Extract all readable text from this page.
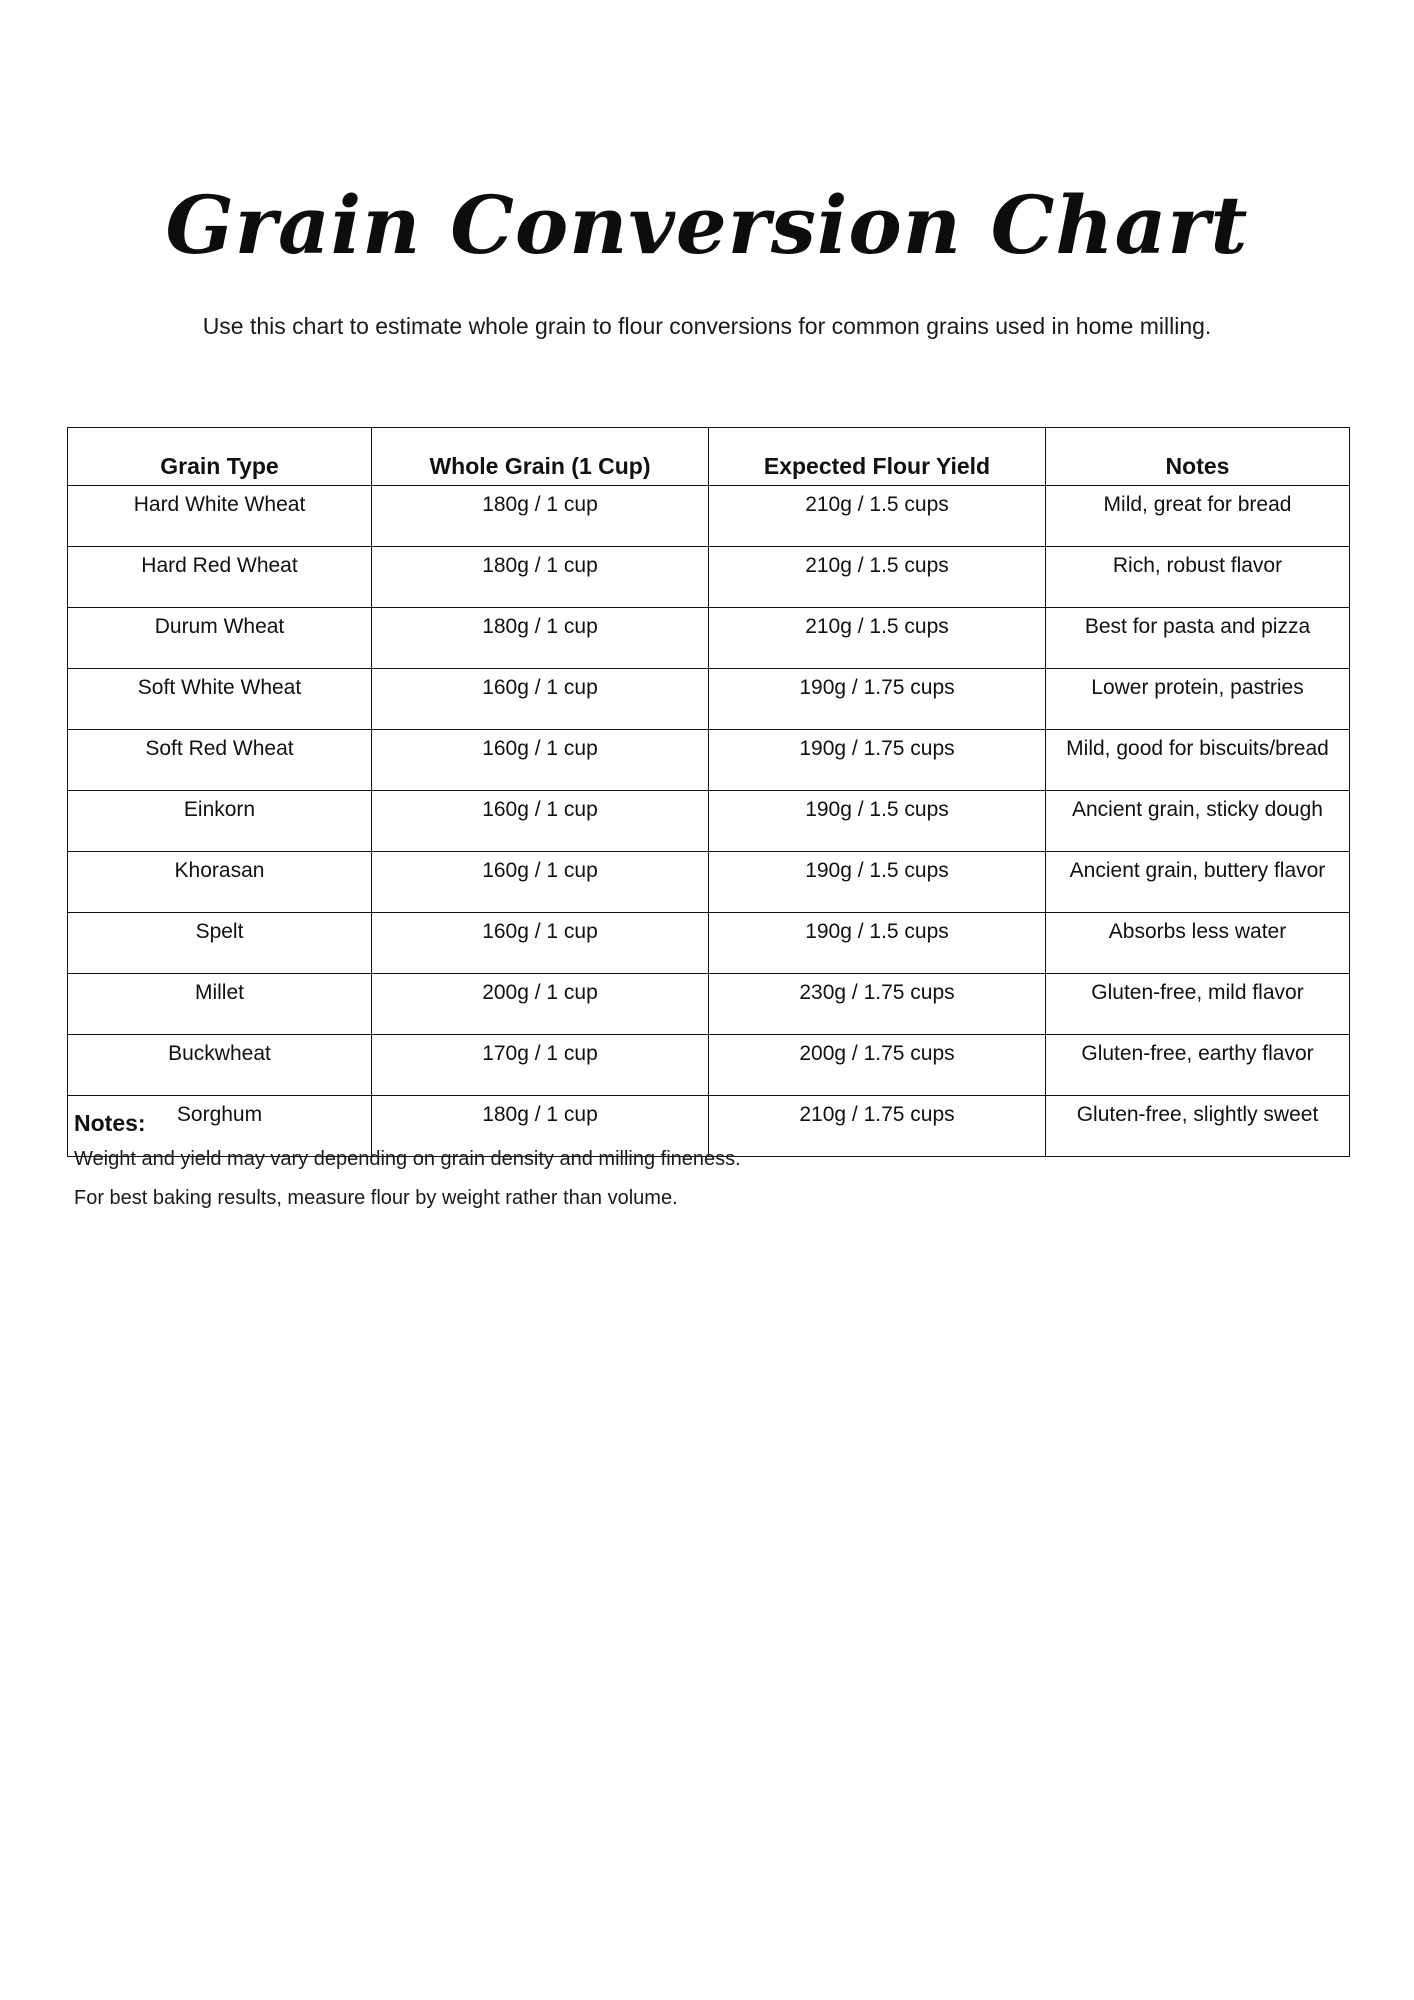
Grain Conversion Chart
Use this chart to estimate whole grain to flour conversions for common grains used in home milling.
Grain Type	Whole Grain (1 Cup)	Expected Flour Yield	Notes
Hard White Wheat	180g / 1 cup	210g / 1.5 cups	Mild, great for bread
Hard Red Wheat	180g / 1 cup	210g / 1.5 cups	Rich, robust flavor
Durum Wheat	180g / 1 cup	210g / 1.5 cups	Best for pasta and pizza
Soft White Wheat	160g / 1 cup	190g / 1.75 cups	Lower protein, pastries
Soft Red Wheat	160g / 1 cup	190g / 1.75 cups	Mild, good for biscuits/bread
Einkorn	160g / 1 cup	190g / 1.5 cups	Ancient grain, sticky dough
Khorasan	160g / 1 cup	190g / 1.5 cups	Ancient grain, buttery flavor
Spelt	160g / 1 cup	190g / 1.5 cups	Absorbs less water
Millet	200g / 1 cup	230g / 1.75 cups	Gluten-free, mild flavor
Buckwheat	170g / 1 cup	200g / 1.75 cups	Gluten-free, earthy flavor
Sorghum	180g / 1 cup	210g / 1.75 cups	Gluten-free, slightly sweet

Notes:

Weight and yield may vary depending on grain density and milling fineness.

For best baking results, measure flour by weight rather than volume.
